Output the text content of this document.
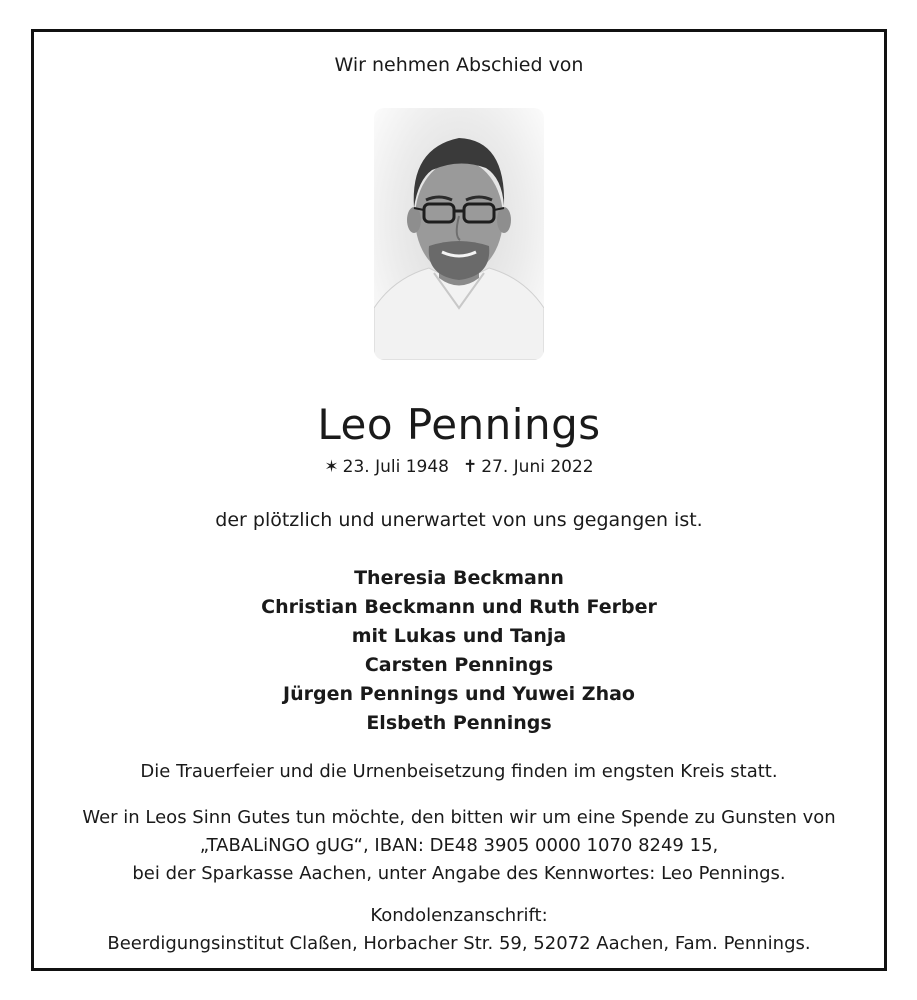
Wir nehmen Abschied von
Leo Pennings
✶ 23. Juli 1948 ✝ 27. Juni 2022
der plötzlich und unerwartet von uns gegangen ist.
Theresia Beckmann
Christian Beckmann und Ruth Ferber
mit Lukas und Tanja
Carsten Pennings
Jürgen Pennings und Yuwei Zhao
Elsbeth Pennings
Die Trauerfeier und die Urnenbeisetzung finden im engsten Kreis statt.
Wer in Leos Sinn Gutes tun möchte, den bitten wir um eine Spende zu Gunsten von
„TABALiNGO gUG“, IBAN: DE48 3905 0000 1070 8249 15,
bei der Sparkasse Aachen, unter Angabe des Kennwortes: Leo Pennings.
Kondolenzanschrift:
Beerdigungsinstitut Claßen, Horbacher Str. 59, 52072 Aachen, Fam. Pennings.
